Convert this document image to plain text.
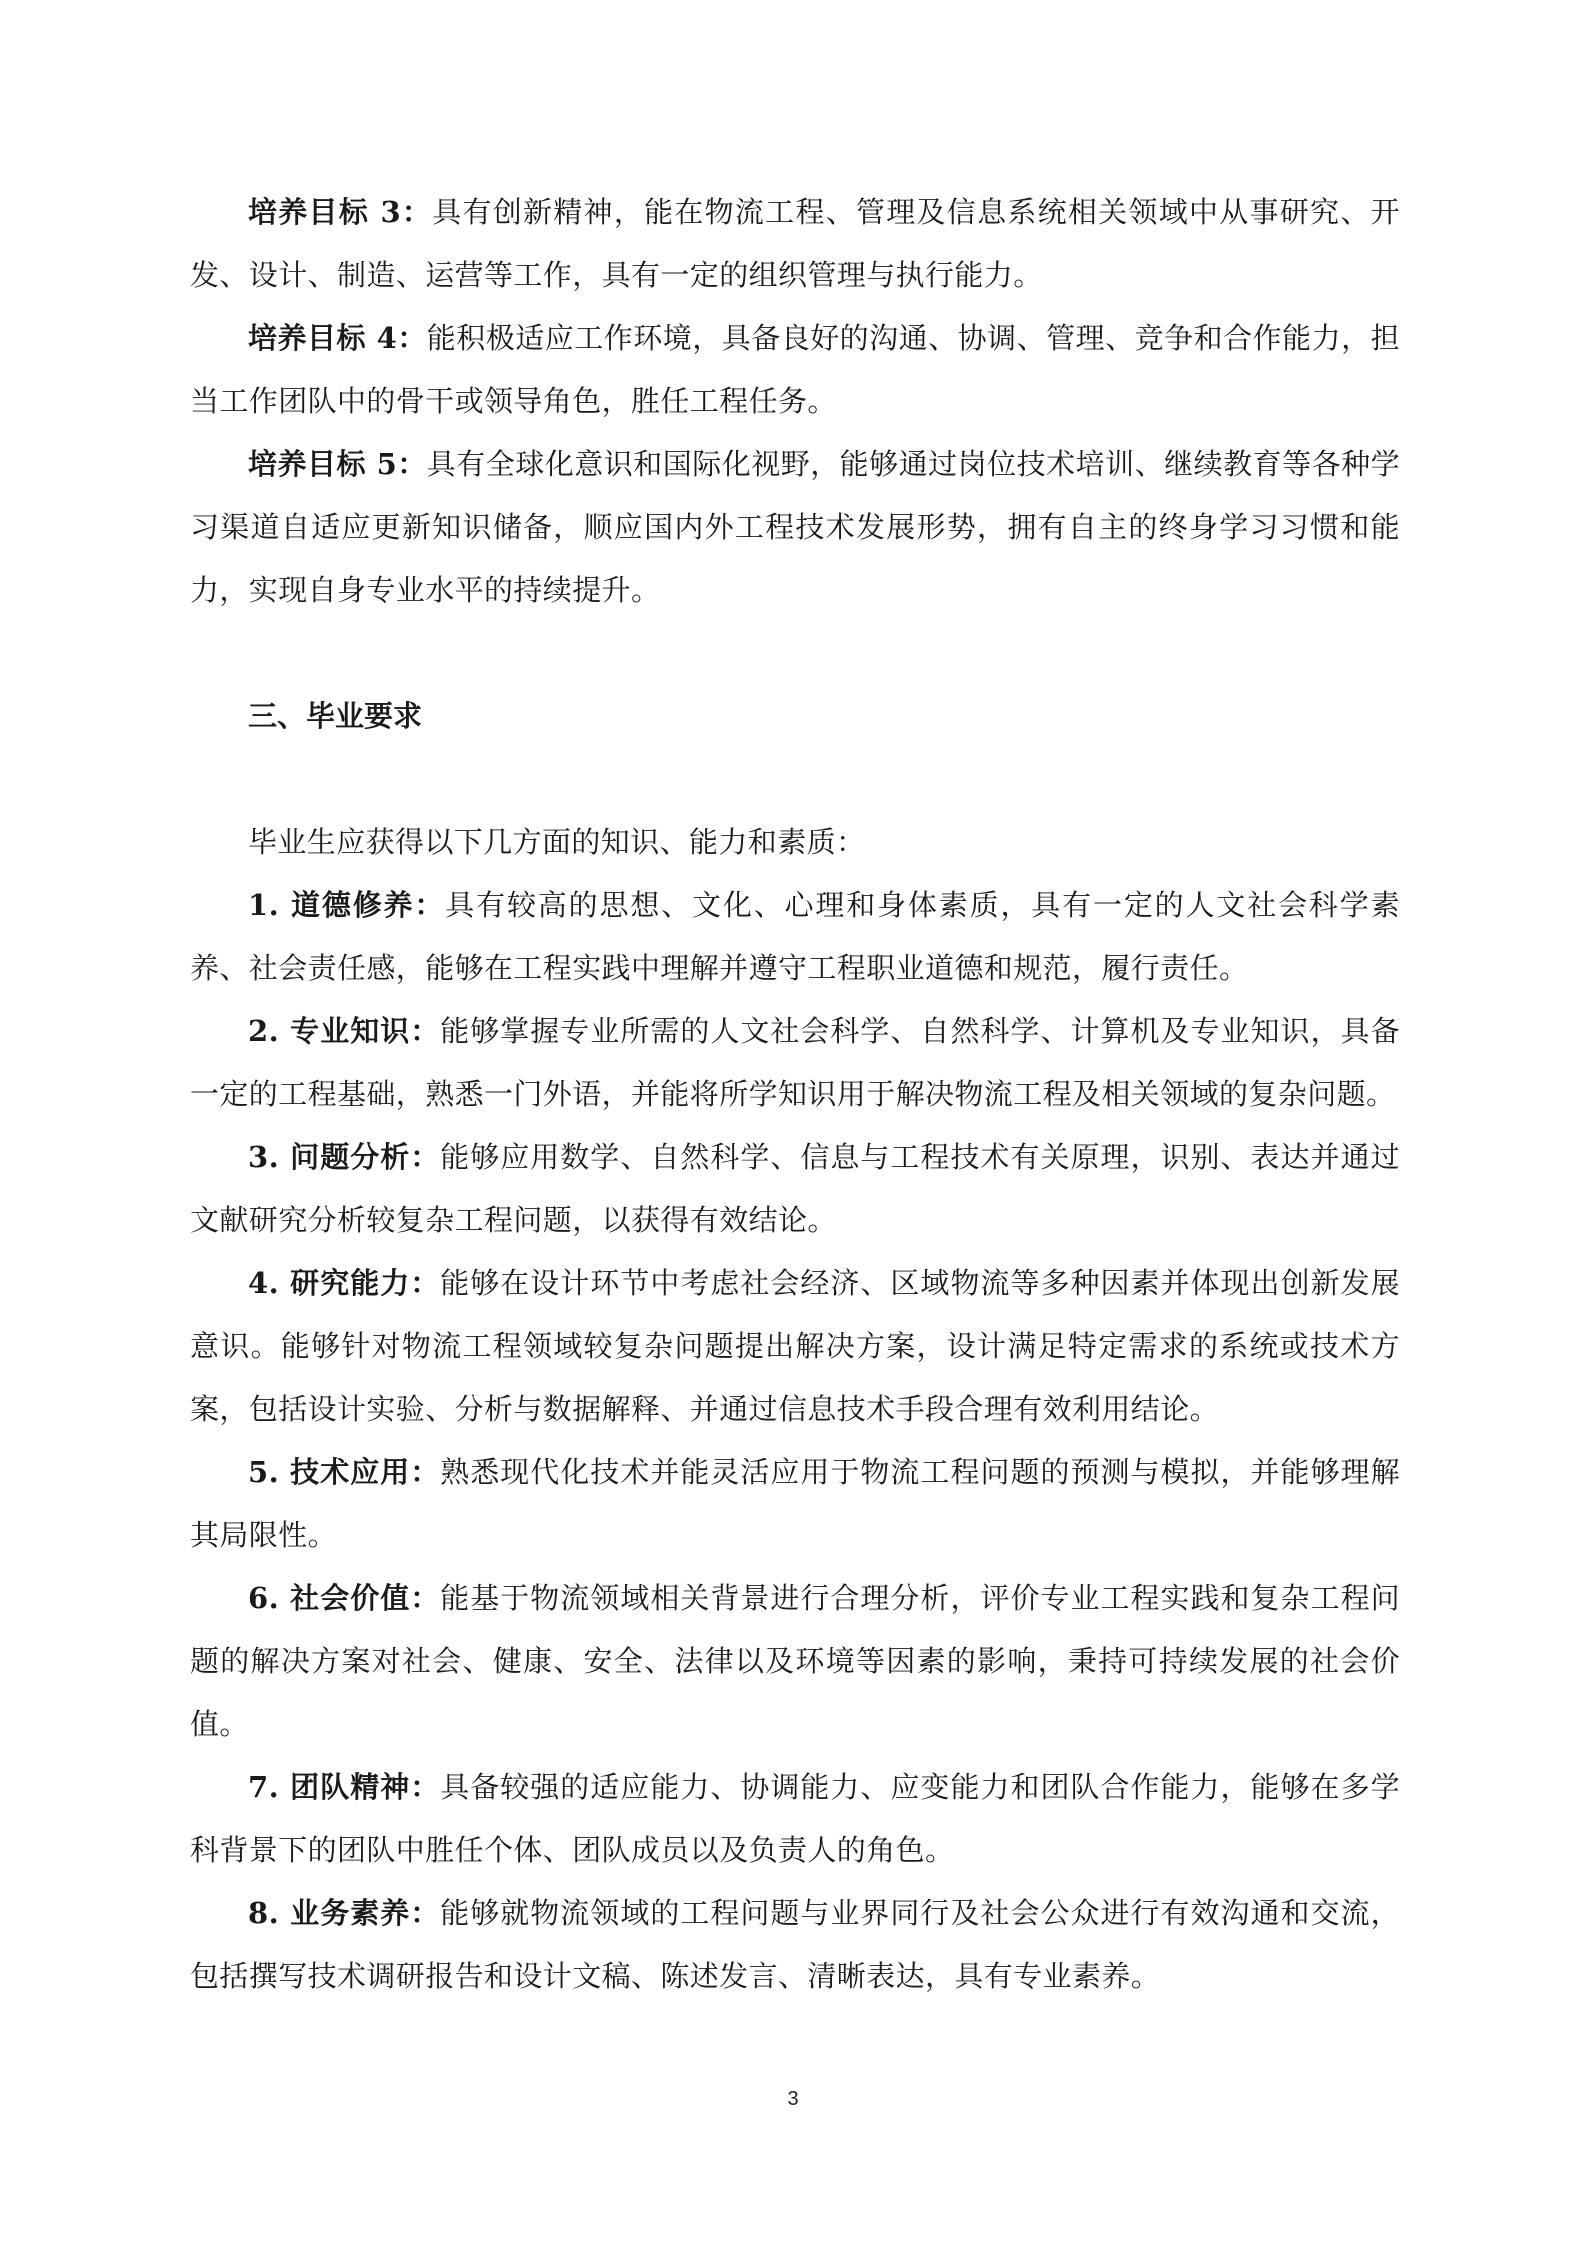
培养目标 3：具有创新精神，能在物流工程、管理及信息系统相关领域中从事研究、开发、设计、制造、运营等工作，具有一定的组织管理与执行能力。

培养目标 4：能积极适应工作环境，具备良好的沟通、协调、管理、竞争和合作能力，担当工作团队中的骨干或领导角色，胜任工程任务。

培养目标 5：具有全球化意识和国际化视野，能够通过岗位技术培训、继续教育等各种学习渠道自适应更新知识储备，顺应国内外工程技术发展形势，拥有自主的终身学习习惯和能力，实现自身专业水平的持续提升。

三、毕业要求

毕业生应获得以下几方面的知识、能力和素质：

1. 道德修养：具有较高的思想、文化、心理和身体素质，具有一定的人文社会科学素养、社会责任感，能够在工程实践中理解并遵守工程职业道德和规范，履行责任。

2. 专业知识：能够掌握专业所需的人文社会科学、自然科学、计算机及专业知识，具备一定的工程基础，熟悉一门外语，并能将所学知识用于解决物流工程及相关领域的复杂问题。

3. 问题分析：能够应用数学、自然科学、信息与工程技术有关原理，识别、表达并通过文献研究分析较复杂工程问题，以获得有效结论。

4. 研究能力：能够在设计环节中考虑社会经济、区域物流等多种因素并体现出创新发展意识。能够针对物流工程领域较复杂问题提出解决方案，设计满足特定需求的系统或技术方案，包括设计实验、分析与数据解释、并通过信息技术手段合理有效利用结论。

5. 技术应用：熟悉现代化技术并能灵活应用于物流工程问题的预测与模拟，并能够理解其局限性。

6. 社会价值：能基于物流领域相关背景进行合理分析，评价专业工程实践和复杂工程问题的解决方案对社会、健康、安全、法律以及环境等因素的影响，秉持可持续发展的社会价值。

7. 团队精神：具备较强的适应能力、协调能力、应变能力和团队合作能力，能够在多学科背景下的团队中胜任个体、团队成员以及负责人的角色。

8. 业务素养：能够就物流领域的工程问题与业界同行及社会公众进行有效沟通和交流，包括撰写技术调研报告和设计文稿、陈述发言、清晰表达，具有专业素养。

3
